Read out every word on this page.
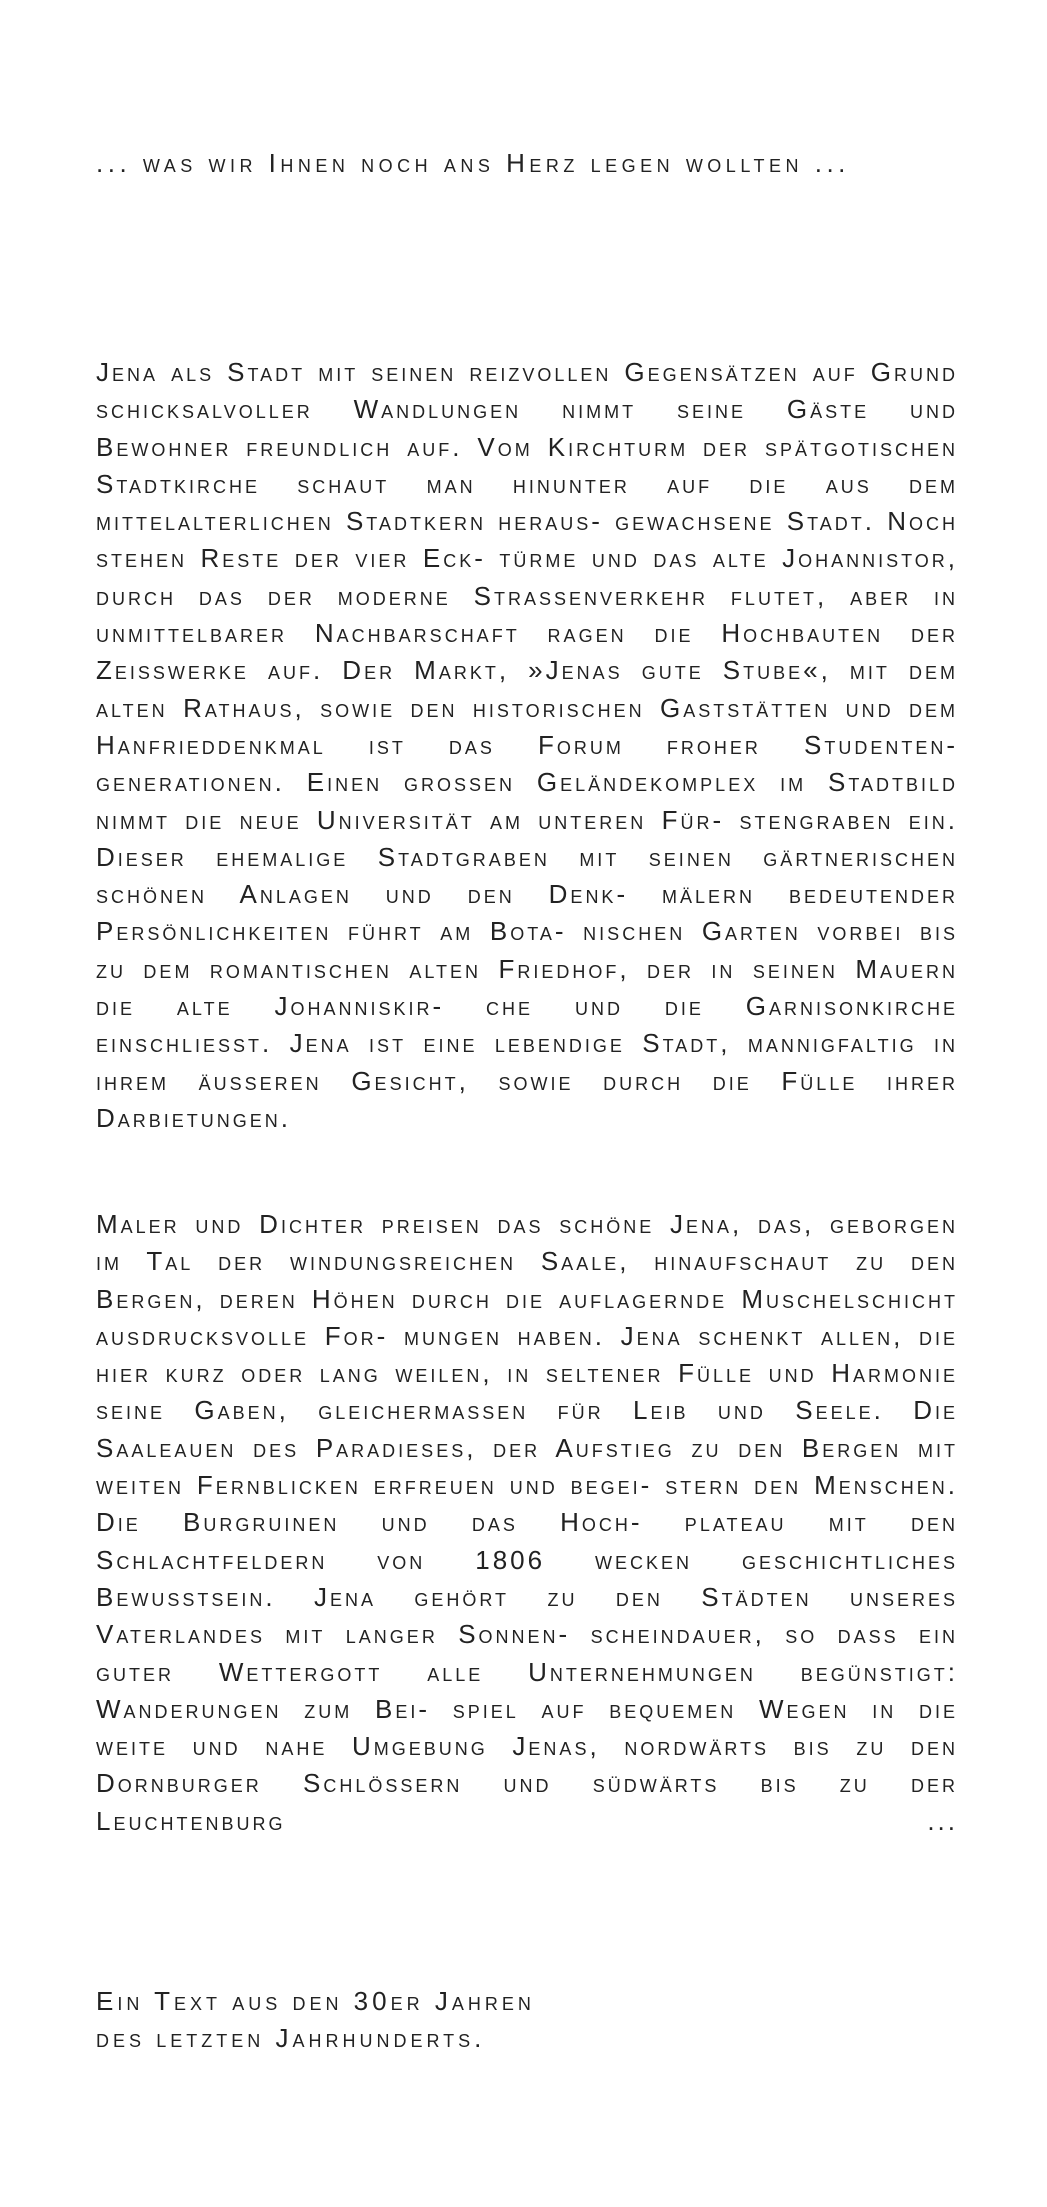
... was wir Ihnen noch ans Herz legen wollten ...

Jena als Stadt mit seinen reizvollen Gegensätzen auf Grund schicksalvoller Wandlungen nimmt seine Gäste und Bewohner freundlich auf. Vom Kirchturm der spätgotischen Stadtkirche schaut man hinunter auf die aus dem mittelalterlichen Stadtkern heraus- gewachsene Stadt. Noch stehen Reste der vier Eck- türme und das alte Johannistor, durch das der moderne Strassenverkehr flutet, aber in unmittelbarer Nachbarschaft ragen die Hochbauten der Zeisswerke auf. Der Markt, »Jenas gute Stube«, mit dem alten Rathaus, sowie den historischen Gaststätten und dem Hanfrieddenkmal ist das Forum froher Studenten- generationen. Einen grossen Geländekomplex im Stadtbild nimmt die neue Universität am unteren Für- stengraben ein. Dieser ehemalige Stadtgraben mit seinen gärtnerischen schönen Anlagen und den Denk- mälern bedeutender Persönlichkeiten führt am Bota- nischen Garten vorbei bis zu dem romantischen alten Friedhof, der in seinen Mauern die alte Johanniskir- che und die Garnisonkirche einschliesst. Jena ist eine lebendige Stadt, mannigfaltig in ihrem äusseren Gesicht, sowie durch die Fülle ihrer Darbietungen.

Maler und Dichter preisen das schöne Jena, das, geborgen im Tal der windungsreichen Saale, hinaufschaut zu den Bergen, deren Höhen durch die auflagernde Muschelschicht ausdrucksvolle For- mungen haben. Jena schenkt allen, die hier kurz oder lang weilen, in seltener Fülle und Harmonie seine Gaben, gleichermassen für Leib und Seele. Die Saaleauen des Paradieses, der Aufstieg zu den Bergen mit weiten Fernblicken erfreuen und begei- stern den Menschen. Die Burgruinen und das Hoch- plateau mit den Schlachtfeldern von 1806 wecken geschichtliches Bewusstsein. Jena gehört zu den Städten unseres Vaterlandes mit langer Sonnen- scheindauer, so dass ein guter Wettergott alle Unternehmungen begünstigt: Wanderungen zum Bei- spiel auf bequemen Wegen in die weite und nahe Umgebung Jenas, nordwärts bis zu den Dornburger Schlössern und südwärts bis zu der Leuchtenburg ...

Ein Text aus den 30er Jahren
des letzten Jahrhunderts.
